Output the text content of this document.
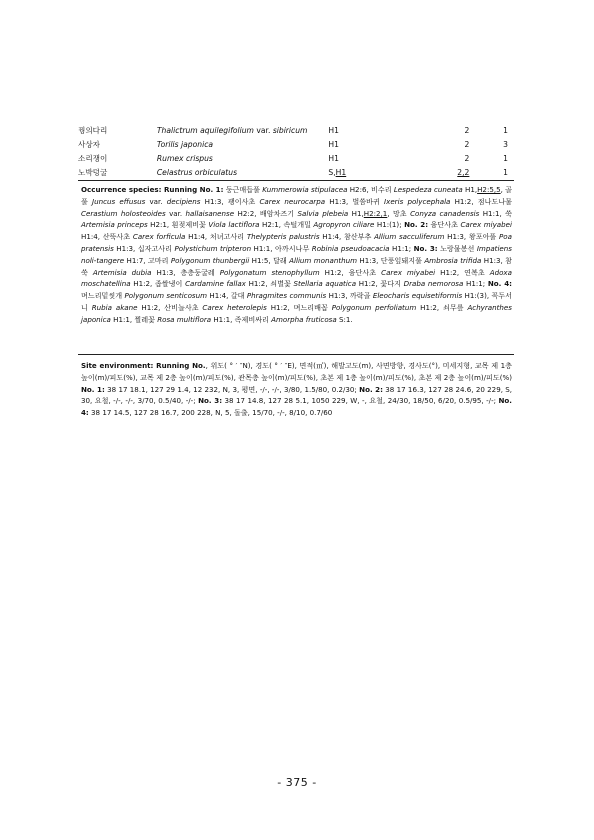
꿩의다리	Thalictrum aquilegifolium var. sibiricum	H1	2	1
사상자	Torilis japonica	H1	2	3
소리쟁이	Rumex crispus	H1	2	1
노박덩굴	Celastrus orbiculatus	S,H1	2,2	1
Occurrence species: Running No. 1: 둥근매듭풀 Kummerowia stipulacea H2:6, 비수리 Lespedeza cuneata H1,H2:5,5, 골풀 Juncus effusus var. decipiens H1:3, 괭이사초 Carex neurocarpa H1:3, 벌씀바귀 Ixeris polycephala H1:2, 점나도나물 Cerastium holosteoides var. hallaisanense H2:2, 배암차즈기 Salvia plebeia H1,H2:2,1, 망초 Conyza canadensis H1:1, 쑥 Artemisia princeps H2:1, 흰젖제비꽃 Viola lactiflora H2:1, 속털개밀 Agropyron ciliare H1:(1); No. 2: 융단사초 Carex miyabei H1:4, 산뚝사초 Carex forficula H1:4, 처녀고사리 Thelypteris palustris H1:4, 참산부추 Allium sacculiferum H1:3, 왕포아풀 Poa pratensis H1:3, 십자고사리 Polystichum tripteron H1:1, 아까시나무 Robinia pseudoacacia H1:1; No. 3: 노랑물봉선 Impatiens noli-tangere H1:7, 고마리 Polygonum thunbergii H1:5, 달래 Allium monanthum H1:3, 단풍잎돼지풀 Ambrosia trifida H1:3, 참쑥 Artemisia dubia H1:3, 층층둥굴레 Polygonatum stenophyllum H1:2, 융단사초 Carex miyabei H1:2, 연복초 Adoxa moschatellina H1:2, 좁쌀냉이 Cardamine fallax H1:2, 쇠별꽃 Stellaria aquatica H1:2, 꽃다지 Draba nemorosa H1:1; No. 4: 며느리밑씻개 Polygonum senticosum H1:4, 갈대 Phragmites communis H1:3, 까락골 Eleocharis equisetiformis H1:(3), 꼭두서니 Rubia akane H1:2, 산비늘사초 Carex heterolepis H1:2, 며느리배꼽 Polygonum perfoliatum H1:2, 쇠무릎 Achyranthes japonica H1:1, 찔레꽃 Rosa multiflora H1:1, 족제비싸리 Amorpha fruticosa S:1.
Site environment: Running No., 위도( ° ′ ″N), 경도( ° ′ ″E), 면적(㎡), 해발고도(m), 사면방향, 경사도(°), 미세지형, 교목 제 1층 높이(m)/피도(%), 교목 제 2층 높이(m)/피도(%), 관목층 높이(m)/피도(%), 초본 제 1층 높이(m)/피도(%), 초본 제 2층 높이(m)/피도(%) No. 1: 38 17 18.1, 127 29 1.4, 12 232, N, 3, 평면, -/-, -/-, 3/80, 1.5/80, 0.2/30; No. 2: 38 17 16.3, 127 28 24.6, 20 229, S, 30, 요철, -/-, -/-, 3/70, 0.5/40, -/-; No. 3: 38 17 14.8, 127 28 5.1, 1050 229, W, -, 요철, 24/30, 18/50, 6/20, 0.5/95, -/-; No. 4: 38 17 14.5, 127 28 16.7, 200 228, N, 5, 돌출, 15/70, -/-, 8/10, 0.7/60
- 375 -
